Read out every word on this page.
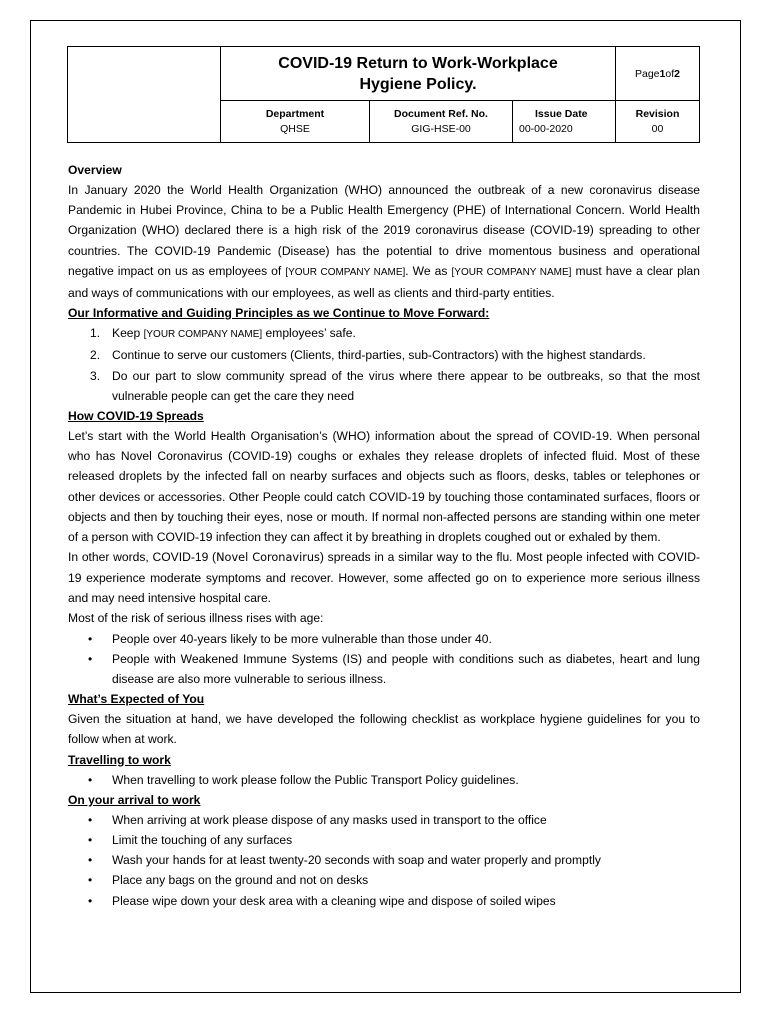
COVID-19 Return to Work-Workplace Hygiene Policy.
Page 1 of 2
Department
QHSE
Document Ref. No.
GIG-HSE-00
Issue Date
00-00-2020
Revision
00
Overview

In January 2020 the World Health Organization (WHO) announced the outbreak of a new coronavirus disease Pandemic in Hubei Province, China to be a Public Health Emergency (PHE) of International Concern. World Health Organization (WHO) declared there is a high risk of the 2019 coronavirus disease (COVID-19) spreading to other countries. The COVID-19 Pandemic (Disease) has the potential to drive momentous business and operational negative impact on us as employees of [YOUR COMPANY NAME]. We as [YOUR COMPANY NAME] must have a clear plan and ways of communications with our employees, as well as clients and third-party entities.

Our Informative and Guiding Principles as we Continue to Move Forward:
1. Keep [YOUR COMPANY NAME] employees’ safe.
2. Continue to serve our customers (Clients, third-parties, sub-Contractors) with the highest standards.
3. Do our part to slow community spread of the virus where there appear to be outbreaks, so that the most vulnerable people can get the care they need
How COVID-19 Spreads

Let’s start with the World Health Organisation’s (WHO) information about the spread of COVID-19. When personal who has Novel Coronavirus (COVID-19) coughs or exhales they release droplets of infected fluid. Most of these released droplets by the infected fall on nearby surfaces and objects such as floors, desks, tables or telephones or other devices or accessories. Other People could catch COVID-19 by touching those contaminated surfaces, floors or objects and then by touching their eyes, nose or mouth. If normal non-affected persons are standing within one meter of a person with COVID-19 infection they can affect it by breathing in droplets coughed out or exhaled by them.

In other words, COVID-19 (Novel Coronavirus) spreads in a similar way to the flu. Most people infected with COVID-19 experience moderate symptoms and recover. However, some affected go on to experience more serious illness and may need intensive hospital care.

Most of the risk of serious illness rises with age:

• People over 40-years likely to be more vulnerable than those under 40.
• People with Weakened Immune Systems (IS) and people with conditions such as diabetes, heart and lung disease are also more vulnerable to serious illness.
What’s Expected of You

Given the situation at hand, we have developed the following checklist as workplace hygiene guidelines for you to follow when at work.

Travelling to work
• When travelling to work please follow the Public Transport Policy guidelines.
On your arrival to work
• When arriving at work please dispose of any masks used in transport to the office
• Limit the touching of any surfaces
• Wash your hands for at least twenty-20 seconds with soap and water properly and promptly
• Place any bags on the ground and not on desks
• Please wipe down your desk area with a cleaning wipe and dispose of soiled wipes
